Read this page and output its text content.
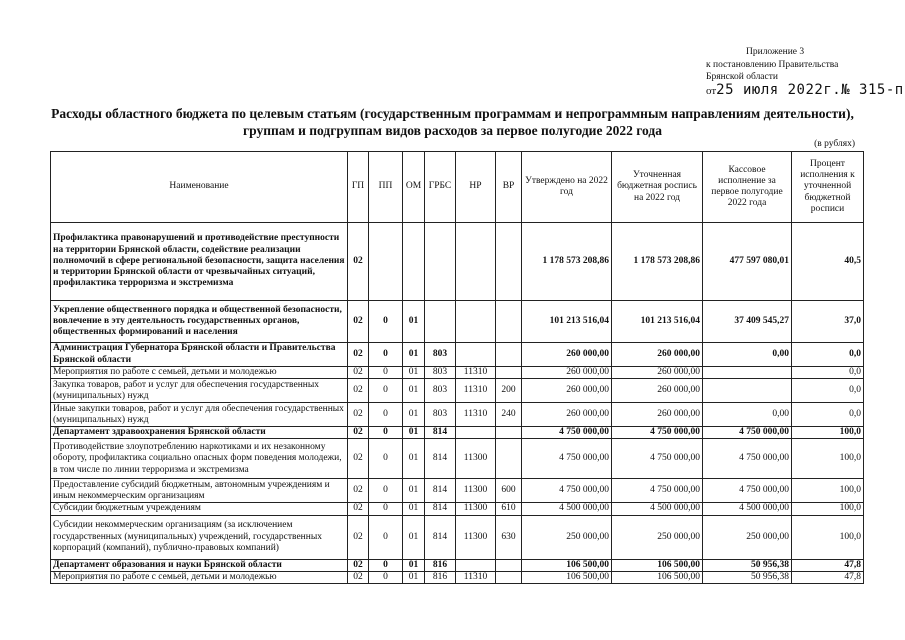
Приложение 3
к постановлению Правительства
Брянской области
от25 июля 2022г.№ 315-п
Расходы областного бюджета по целевым статьям (государственным программам и непрограммным направлениям деятельности),
группам и подгруппам видов расходов за первое полугодие 2022 года
(в рублях)
Наименование	ГП	ПП	ОМ	ГРБС	НР	ВР	Утверждено на 2022 год	Уточненная бюджетная роспись на 2022 год	Кассовое исполнение за первое полугодие 2022 года	Процент исполнения к уточненной бюджетной росписи
Профилактика правонарушений и противодействие преступности на территории Брянской области, содействие реализации полномочий в сфере региональной безопасности, защита населения и территории Брянской области от чрезвычайных ситуаций, профилактика терроризма и экстремизма	02						1 178 573 208,86	1 178 573 208,86	477 597 080,01	40,5
Укрепление общественного порядка и общественной безопасности, вовлечение в эту деятельность государственных органов, общественных формирований и населения	02	0	01				101 213 516,04	101 213 516,04	37 409 545,27	37,0
Администрация Губернатора Брянской области и Правительства Брянской области	02	0	01	803			260 000,00	260 000,00	0,00	0,0
Мероприятия по работе с семьей, детьми и молодежью	02	0	01	803	11310		260 000,00	260 000,00		0,0
Закупка товаров, работ и услуг для обеспечения государственных (муниципальных) нужд	02	0	01	803	11310	200	260 000,00	260 000,00		0,0
Иные закупки товаров, работ и услуг для обеспечения государственных (муниципальных) нужд	02	0	01	803	11310	240	260 000,00	260 000,00	0,00	0,0
Департамент здравоохранения Брянской области	02	0	01	814			4 750 000,00	4 750 000,00	4 750 000,00	100,0
Противодействие злоупотреблению наркотиками и их незаконному обороту, профилактика социально опасных форм поведения молодежи, в том числе по линии терроризма и экстремизма	02	0	01	814	11300		4 750 000,00	4 750 000,00	4 750 000,00	100,0
Предоставление субсидий бюджетным, автономным учреждениям и иным некоммерческим организациям	02	0	01	814	11300	600	4 750 000,00	4 750 000,00	4 750 000,00	100,0
Субсидии бюджетным учреждениям	02	0	01	814	11300	610	4 500 000,00	4 500 000,00	4 500 000,00	100,0
Субсидии некоммерческим организациям (за исключением государственных (муниципальных) учреждений, государственных корпораций (компаний), публично-правовых компаний)	02	0	01	814	11300	630	250 000,00	250 000,00	250 000,00	100,0
Департамент образования и науки Брянской области	02	0	01	816			106 500,00	106 500,00	50 956,38	47,8
Мероприятия по работе с семьей, детьми и молодежью	02	0	01	816	11310		106 500,00	106 500,00	50 956,38	47,8
